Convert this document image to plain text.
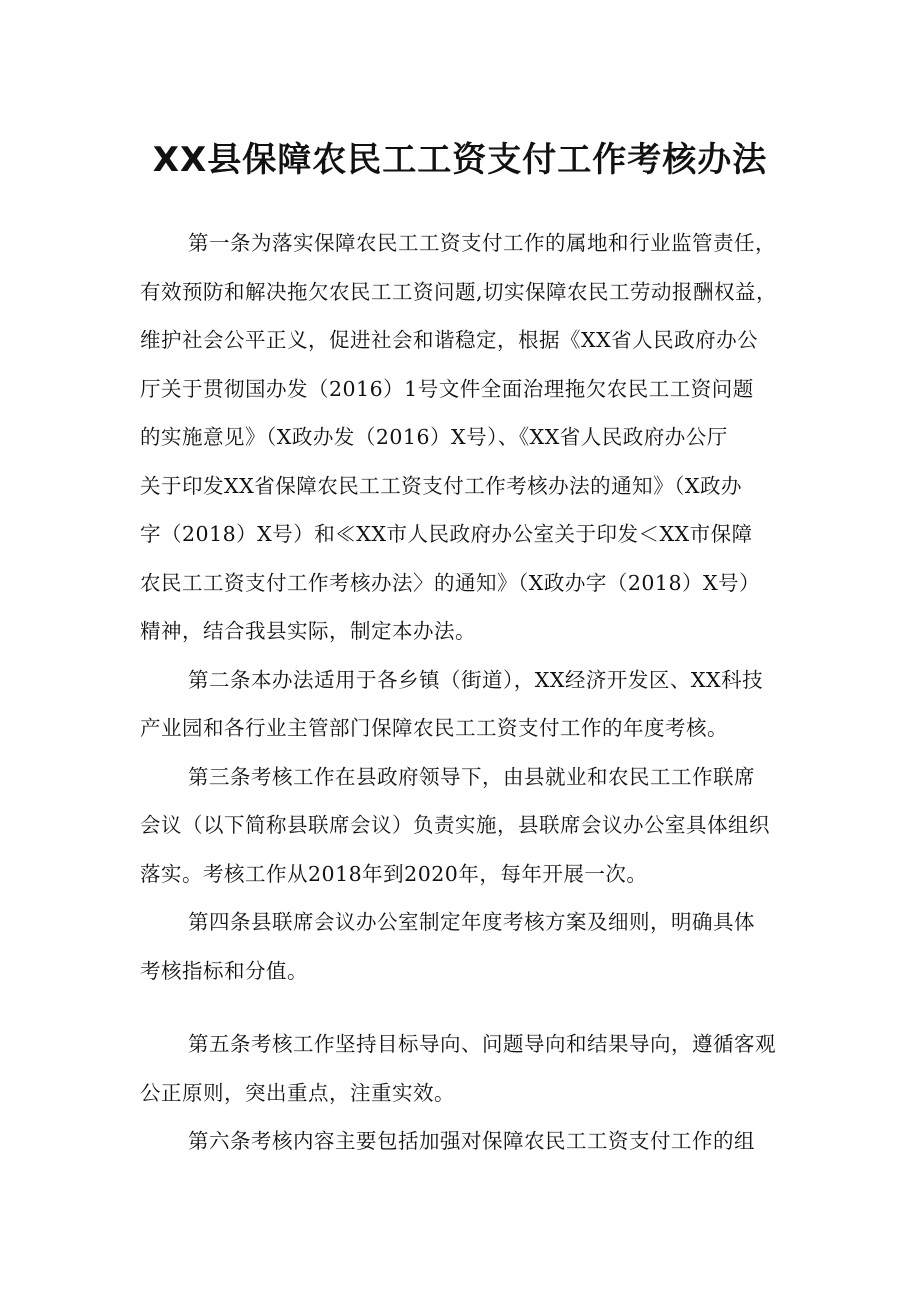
XX县保障农民工工资支付工作考核办法
第一条为落实保障农民工工资支付工作的属地和行业监管责任，
有效预防和解决拖欠农民工工资问题,切实保障农民工劳动报酬权益，
维护社会公平正义，促进社会和谐稳定，根据《XX省人民政府办公
厅关于贯彻国办发（2016）1号文件全面治理拖欠农民工工资问题
的实施意见》（X政办发（2016）X号）、《XX省人民政府办公厅
关于印发XX省保障农民工工资支付工作考核办法的通知》（X政办
字（2018）X号）和≪XX市人民政府办公室关于印发＜XX市保障
农民工工资支付工作考核办法〉的通知》（X政办字（2018）X号）
精神，结合我县实际，制定本办法。
第二条本办法适用于各乡镇（街道），XX经济开发区、XX科技
产业园和各行业主管部门保障农民工工资支付工作的年度考核。
第三条考核工作在县政府领导下，由县就业和农民工工作联席
会议（以下简称县联席会议）负责实施，县联席会议办公室具体组织
落实。考核工作从2018年到2020年，每年开展一次。
第四条县联席会议办公室制定年度考核方案及细则，明确具体
考核指标和分值。
第五条考核工作坚持目标导向、问题导向和结果导向，遵循客观
公正原则，突出重点，注重实效。
第六条考核内容主要包括加强对保障农民工工资支付工作的组
